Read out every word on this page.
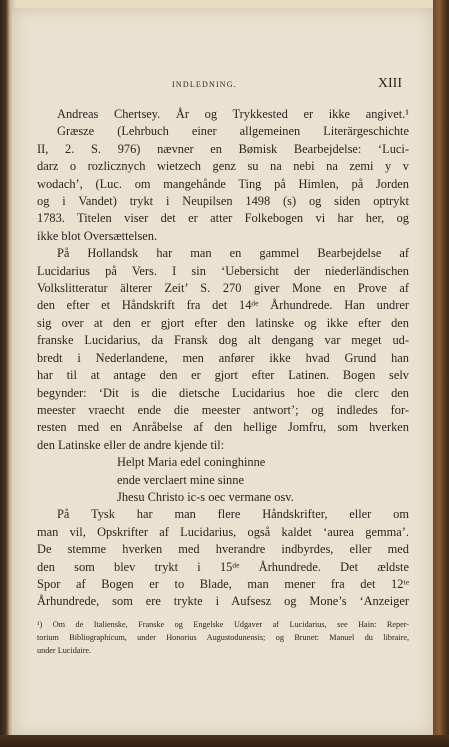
INDLEDNING.	XIII
Andreas Chertsey. År og Trykkested er ikke angivet.¹
Græsze (Lehrbuch einer allgemeinen Literärgeschichte
II, 2. S. 976) nævner en Bømisk Bearbejdelse: ‘Luci-
darz o rozlicznych wietzech genz su na nebi na zemi y v
wodach’, (Luc. om mangehånde Ting på Himlen, på Jorden
og i Vandet) trykt i Neupilsen 1498 (s) og siden optrykt
1783. Titelen viser det er atter Folkebogen vi har her, og
ikke blot Oversættelsen.
På Hollandsk har man en gammel Bearbejdelse af
Lucidarius på Vers. I sin ‘Uebersicht der niederländischen
Volkslitteratur älterer Zeit’ S. 270 giver Mone en Prove af
den efter et Håndskrift fra det 14ᵈᵉ Århundrede. Han undrer
sig over at den er gjort efter den latinske og ikke efter den
franske Lucidarius, da Fransk dog alt dengang var meget ud-
bredt i Nederlandene, men anfører ikke hvad Grund han
har til at antage den er gjort efter Latinen. Bogen selv
begynder: ‘Dit is die dietsche Lucidarius hoe die clerc den
meester vraecht ende die meester antwort’; og indledes for-
resten med en Anråbelse af den hellige Jomfru, som hverken
den Latinske eller de andre kjende til:
Helpt Maria edel coninghinne
ende verclaert mine sinne
Jhesu Christo ic-s oec vermane osv.
På Tysk har man flere Håndskrifter, eller om
man vil, Opskrifter af Lucidarius, også kaldet ‘aurea gemma’.
De stemme hverken med hverandre indbyrdes, eller med
den som blev trykt i 15ᵈᵉ Århundrede. Det ældste
Spor af Bogen er to Blade, man mener fra det 12ᵗᵉ
Århundrede, som ere trykte i Aufsesz og Mone’s ‘Anzeiger
¹) Om de Italienske, Franske og Engelske Udgaver af Lucidarius, see Hain: Reper-
torium Bibliographicum, under Honorius Augustodunensis; og Brunet: Manuel du libraire,
under Lucidaire.
